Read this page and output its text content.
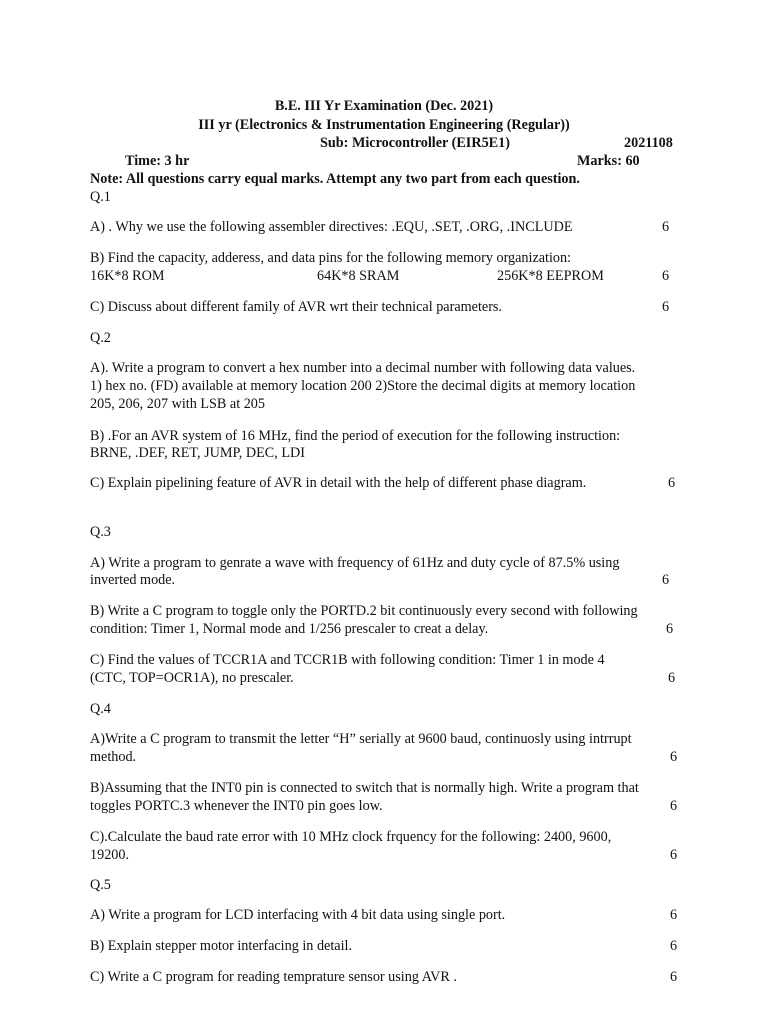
B.E. III Yr Examination (Dec. 2021)
III yr (Electronics & Instrumentation Engineering (Regular))
Sub: Microcontroller (EIR5E1)	2021108
Time: 3 hr	Marks: 60
Note: All questions carry equal marks. Attempt any two part from each question.
Q.1
A) . Why we use the following assembler directives: .EQU, .SET, .ORG, .INCLUDE	6
B) Find the capacity, adderess, and data pins for the following memory organization:
16K*8 ROM	64K*8 SRAM	256K*8 EEPROM	6
C) Discuss about different family of AVR wrt their technical parameters.	6
Q.2
A). Write a program to convert a hex number into a decimal number with following data values.
1) hex no. (FD) available at memory location 200 2)Store the decimal digits at memory location
205, 206, 207 with LSB at 205
B) .For an AVR system of 16 MHz, find the period of execution for the following instruction:
BRNE, .DEF, RET, JUMP, DEC, LDI
C) Explain pipelining feature of AVR in detail with the help of different phase diagram.	6
Q.3
A) Write a program to genrate a wave with frequency of 61Hz and duty cycle of 87.5% using
inverted mode.	6
B) Write a C program to toggle only the PORTD.2 bit continuously every second with following
condition: Timer 1, Normal mode and 1/256 prescaler to creat a delay.	6
C) Find the values of TCCR1A and TCCR1B with following condition: Timer 1 in mode 4
(CTC, TOP=OCR1A), no prescaler.	6
Q.4
A)Write a C program to transmit the letter “H” serially at 9600 baud, continuosly using intrrupt
method.	6
B)Assuming that the INT0 pin is connected to switch that is normally high. Write a program that
toggles PORTC.3 whenever the INT0 pin goes low.	6
C).Calculate the baud rate error with 10 MHz clock frquency for the following: 2400, 9600,
19200.	6
Q.5
A) Write a program for LCD interfacing with 4 bit data using single port.	6
B) Explain stepper motor interfacing in detail.	6
C) Write a C program for reading temprature sensor using AVR .	6
